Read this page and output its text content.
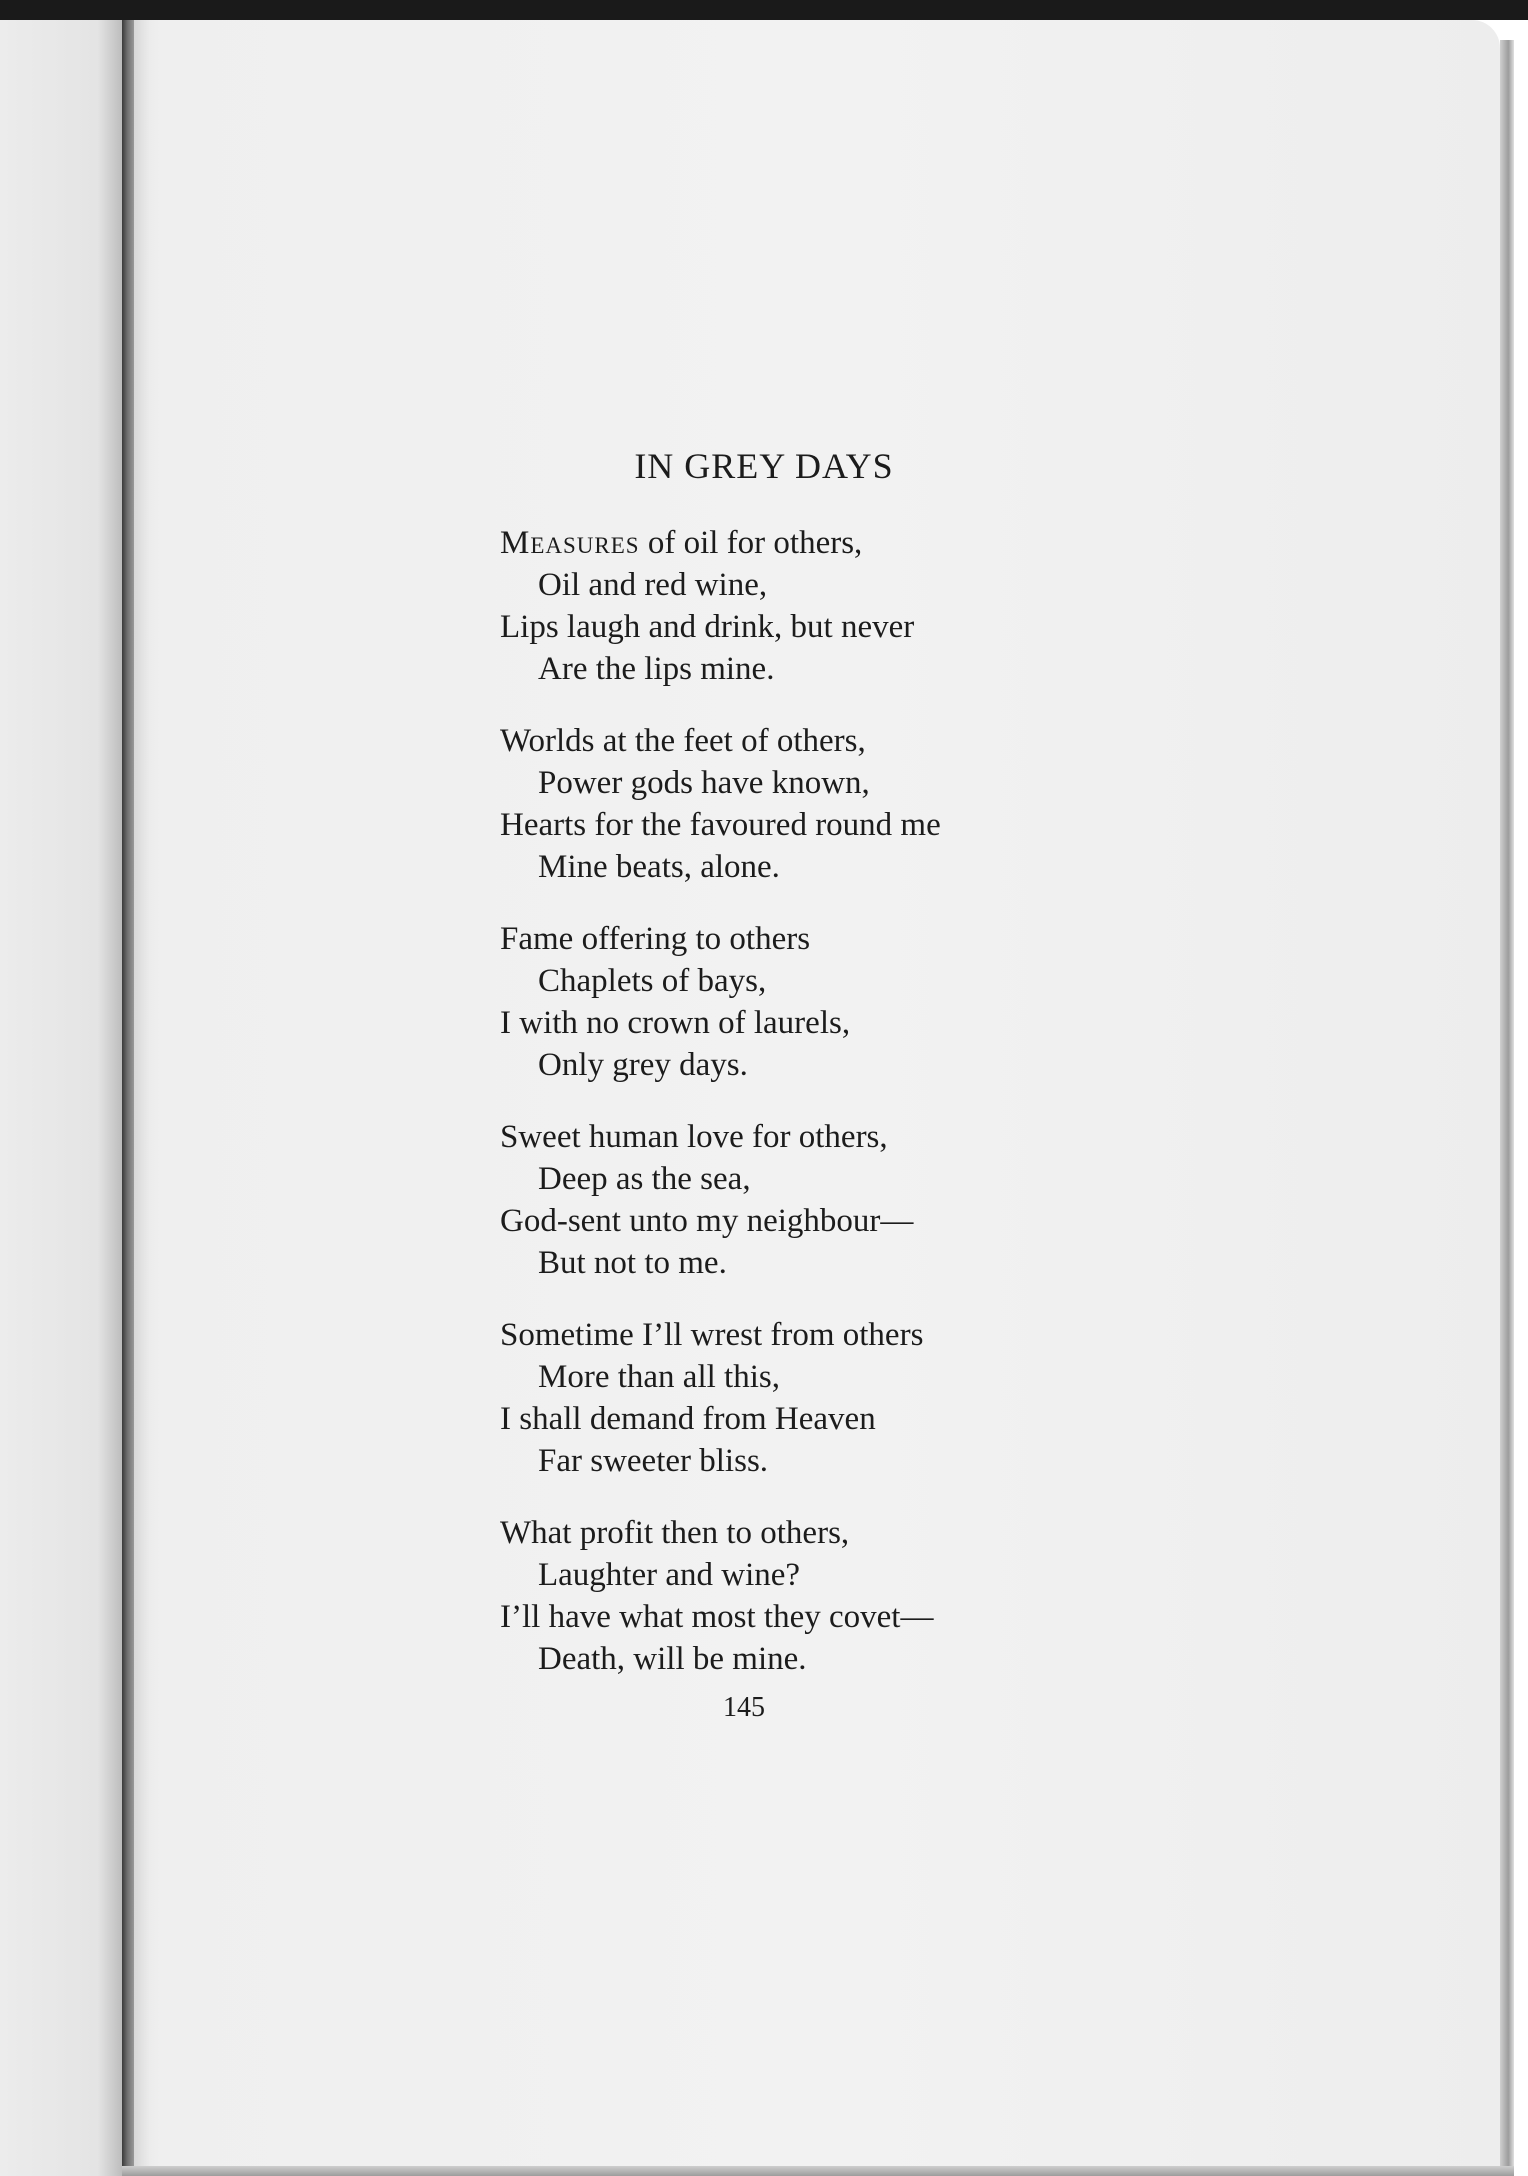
IN GREY DAYS
Measures of oil for others,
Oil and red wine,
Lips laugh and drink, but never
Are the lips mine.
Worlds at the feet of others,
Power gods have known,
Hearts for the favoured round me
Mine beats, alone.
Fame offering to others
Chaplets of bays,
I with no crown of laurels,
Only grey days.
Sweet human love for others,
Deep as the sea,
God-sent unto my neighbour—
But not to me.
Sometime I’ll wrest from others
More than all this,
I shall demand from Heaven
Far sweeter bliss.
What profit then to others,
Laughter and wine?
I’ll have what most they covet—
Death, will be mine.
145
